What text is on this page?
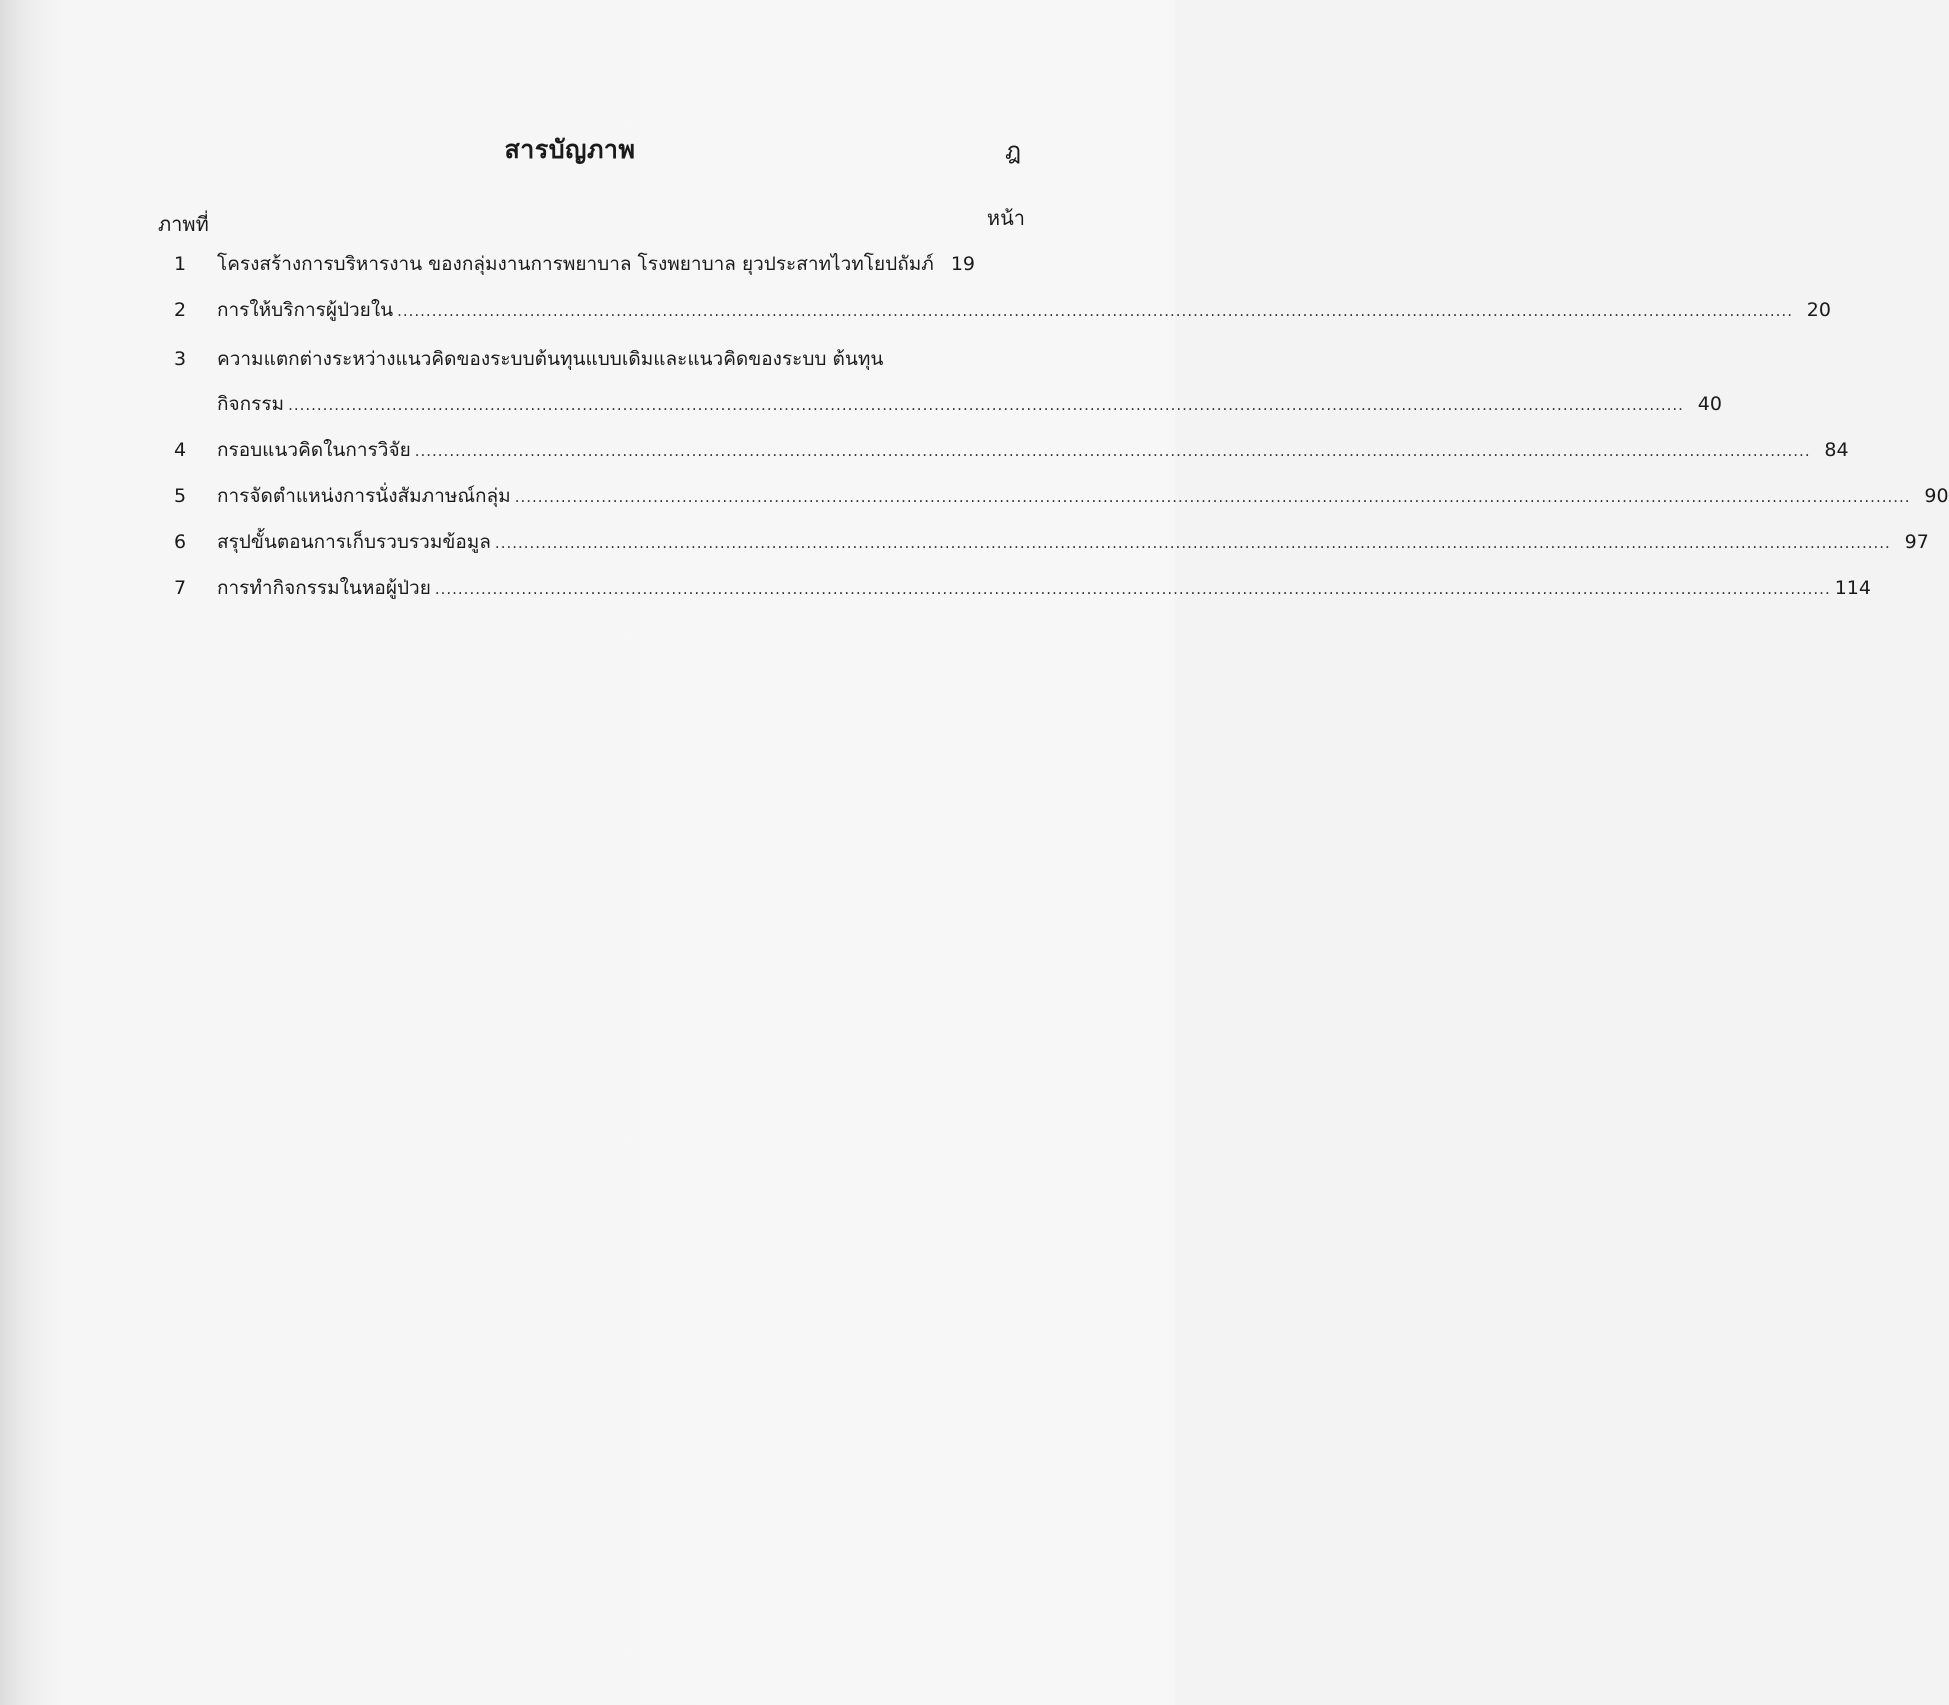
สารบัญภาพ	ฎ
ภาพที่	หน้า
1 โครงสร้างการบริหารงาน ของกลุ่มงานการพยาบาล โรงพยาบาล ยุวประสาทไวทโยปถัมภ์ 19
2 การให้บริการผู้ป่วยใน .................................................................................................................................................................................................................................................. 20
3 ความแตกต่างระหว่างแนวคิดของระบบต้นทุนแบบเดิมและแนวคิดของระบบ ต้นทุน
กิจกรรม .................................................................................................................................................................................................................................................. 40
4 กรอบแนวคิดในการวิจัย .................................................................................................................................................................................................................................................. 84
5 การจัดตำแหน่งการนั่งสัมภาษณ์กลุ่ม .................................................................................................................................................................................................................................................. 90
6 สรุปขั้นตอนการเก็บรวบรวมข้อมูล .................................................................................................................................................................................................................................................. 97
7 การทำกิจกรรมในหอผู้ป่วย .................................................................................................................................................................................................................................................. 114
